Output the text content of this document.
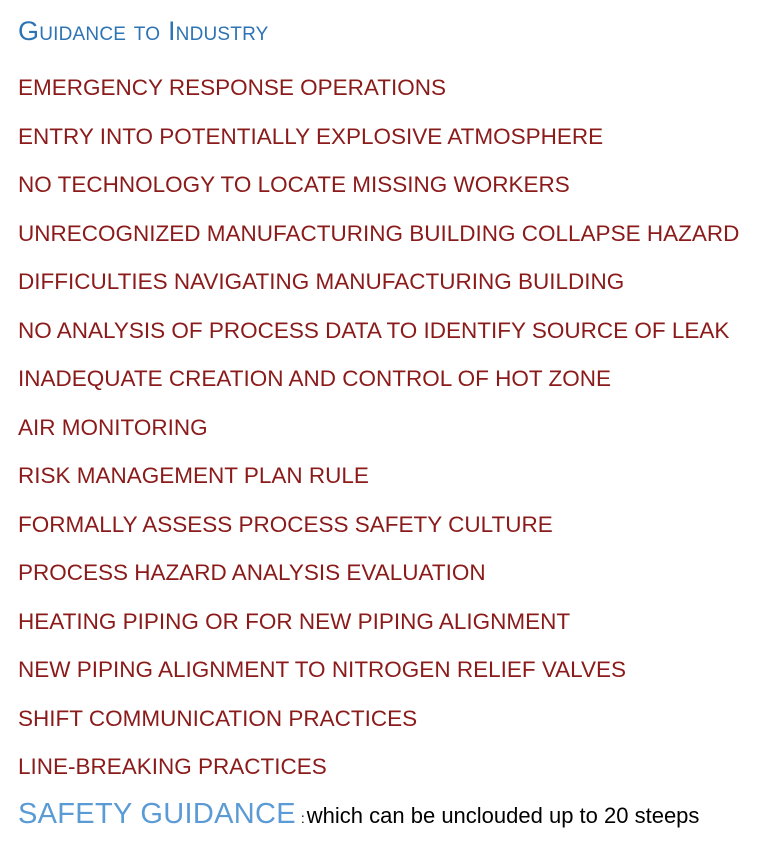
Guidance to Industry
EMERGENCY RESPONSE OPERATIONS
ENTRY INTO POTENTIALLY EXPLOSIVE ATMOSPHERE
NO TECHNOLOGY TO LOCATE MISSING WORKERS
UNRECOGNIZED MANUFACTURING BUILDING COLLAPSE HAZARD
DIFFICULTIES NAVIGATING MANUFACTURING BUILDING
NO ANALYSIS OF PROCESS DATA TO IDENTIFY SOURCE OF LEAK
INADEQUATE CREATION AND CONTROL OF HOT ZONE
AIR MONITORING
RISK MANAGEMENT PLAN RULE
FORMALLY ASSESS PROCESS SAFETY CULTURE
PROCESS HAZARD ANALYSIS EVALUATION
HEATING PIPING OR FOR NEW PIPING ALIGNMENT
NEW PIPING ALIGNMENT TO NITROGEN RELIEF VALVES
SHIFT COMMUNICATION PRACTICES
LINE-BREAKING PRACTICES
SAFETY GUIDANCE :which can be unclouded up to 20 steeps
